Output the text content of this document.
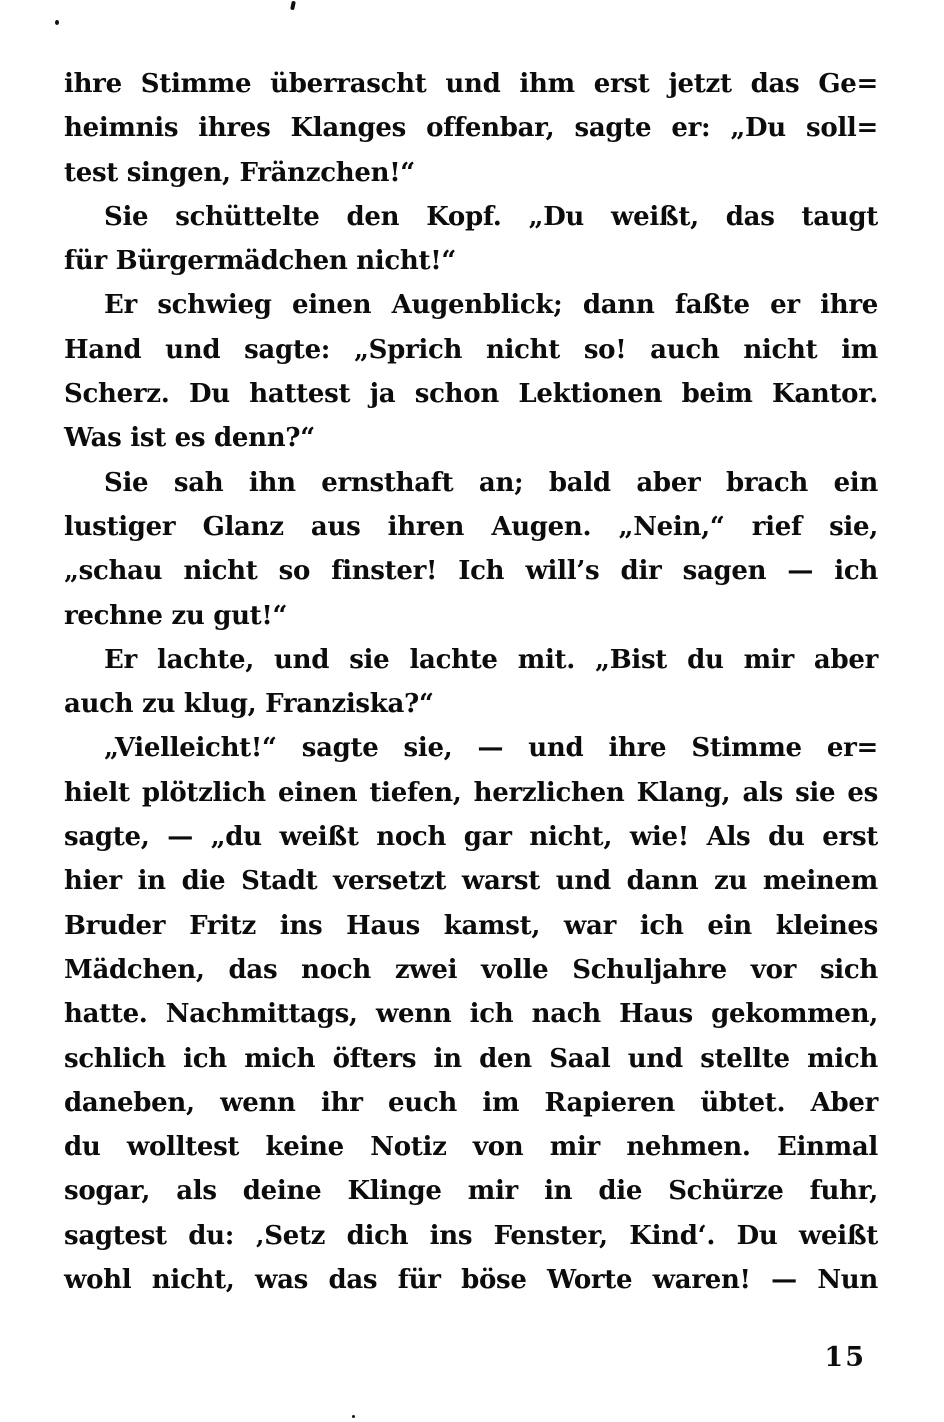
ihre Stimme überrascht und ihm erst jetzt das Ge=
heimnis ihres Klanges offenbar, sagte er: „Du soll=
test singen, Fränzchen!“
Sie schüttelte den Kopf. „Du weißt, das taugt
für Bürgermädchen nicht!“
Er schwieg einen Augenblick; dann faßte er ihre
Hand und sagte: „Sprich nicht so! auch nicht im
Scherz. Du hattest ja schon Lektionen beim Kantor.
Was ist es denn?“
Sie sah ihn ernsthaft an; bald aber brach ein
lustiger Glanz aus ihren Augen. „Nein,“ rief sie,
„schau nicht so finster! Ich will’s dir sagen — ich
rechne zu gut!“
Er lachte, und sie lachte mit. „Bist du mir aber
auch zu klug, Franziska?“
„Vielleicht!“ sagte sie, — und ihre Stimme er=
hielt plötzlich einen tiefen, herzlichen Klang, als sie es
sagte, — „du weißt noch gar nicht, wie! Als du erst
hier in die Stadt versetzt warst und dann zu meinem
Bruder Fritz ins Haus kamst, war ich ein kleines
Mädchen, das noch zwei volle Schuljahre vor sich
hatte. Nachmittags, wenn ich nach Haus gekommen,
schlich ich mich öfters in den Saal und stellte mich
daneben, wenn ihr euch im Rapieren übtet. Aber
du wolltest keine Notiz von mir nehmen. Einmal
sogar, als deine Klinge mir in die Schürze fuhr,
sagtest du: ‚Setz dich ins Fenster, Kind‘. Du weißt
wohl nicht, was das für böse Worte waren! — Nun
15
